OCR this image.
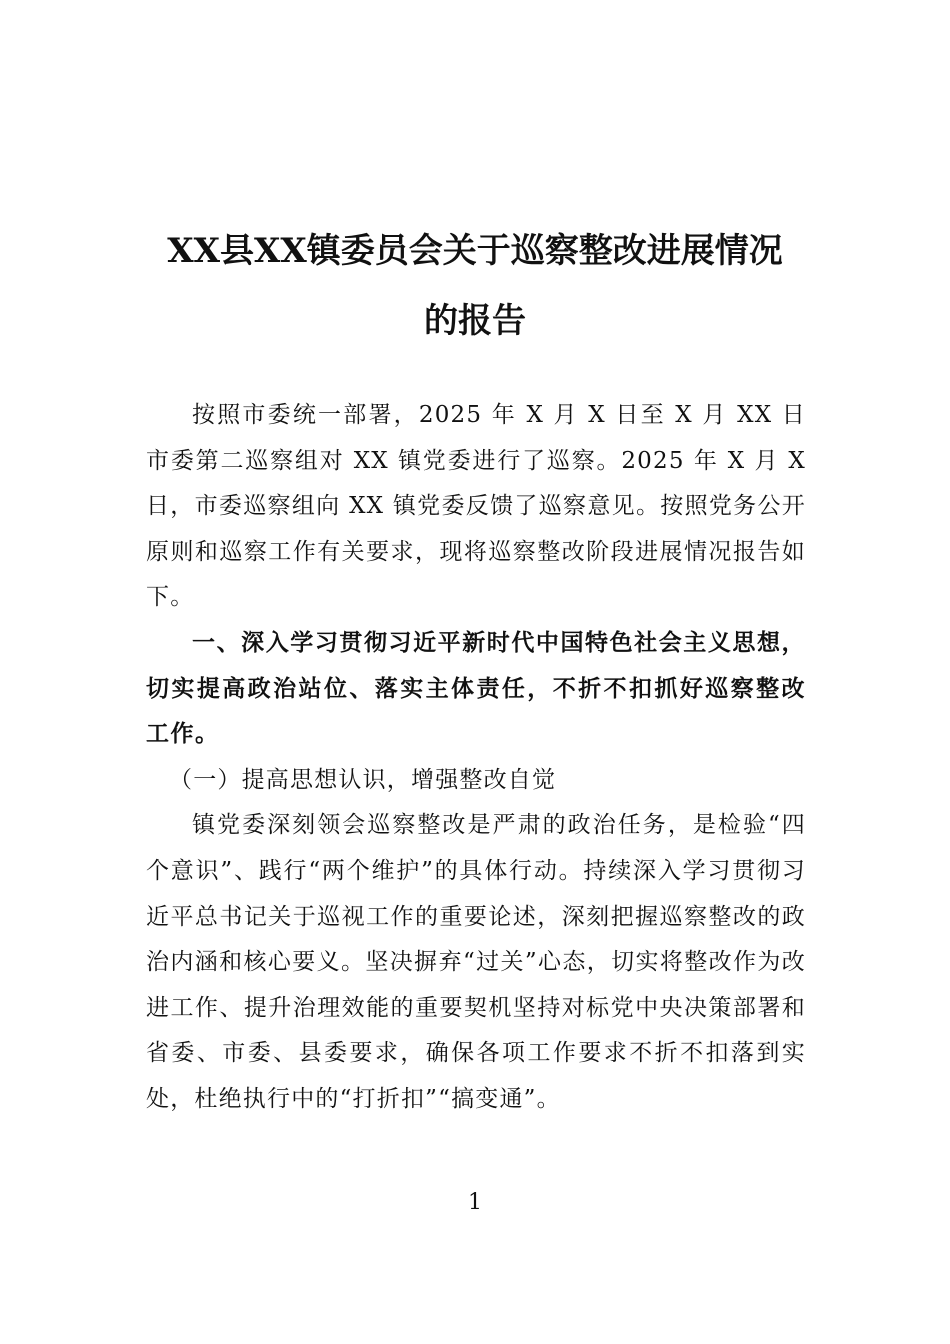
XX县XX镇委员会关于巡察整改进展情况
的报告

按照市委统一部署，2025 年 X 月 X 日至 X 月 XX 日市委第二巡察组对 XX 镇党委进行了巡察。2025 年 X 月 X 日，市委巡察组向 XX 镇党委反馈了巡察意见。按照党务公开原则和巡察工作有关要求，现将巡察整改阶段进展情况报告如下。

一、深入学习贯彻习近平新时代中国特色社会主义思想，切实提高政治站位、落实主体责任，不折不扣抓好巡察整改工作。

（一）提高思想认识，增强整改自觉

镇党委深刻领会巡察整改是严肃的政治任务，是检验“四个意识”、践行“两个维护”的具体行动。持续深入学习贯彻习近平总书记关于巡视工作的重要论述，深刻把握巡察整改的政治内涵和核心要义。坚决摒弃“过关”心态，切实将整改作为改进工作、提升治理效能的重要契机坚持对标党中央决策部署和省委、市委、县委要求，确保各项工作要求不折不扣落到实处，杜绝执行中的“打折扣”“搞变通”。

1
